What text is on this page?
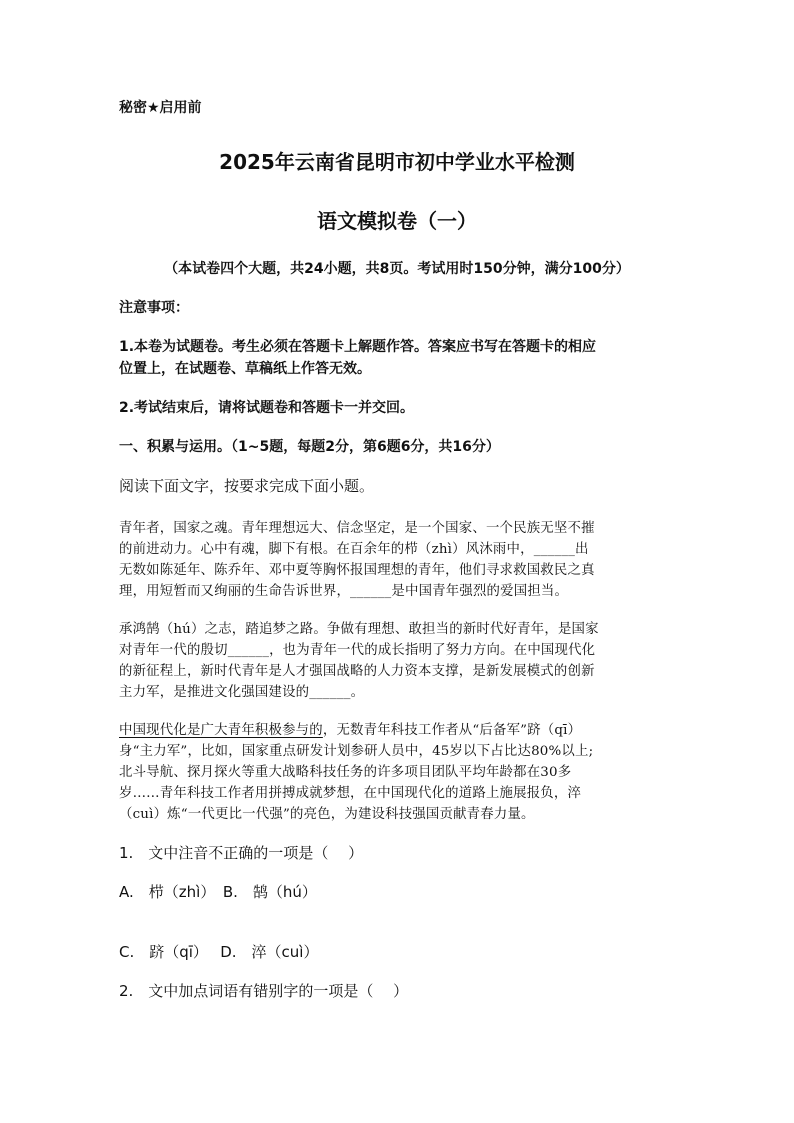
秘密★启用前
2025年云南省昆明市初中学业水平检测
语文模拟卷（一）
（本试卷四个大题，共24小题，共8页。考试用时150分钟，满分100分）
注意事项：
1.本卷为试题卷。考生必须在答题卡上解题作答。答案应书写在答题卡的相应
位置上，在试题卷、草稿纸上作答无效。
2.考试结束后，请将试题卷和答题卡一并交回。
一、积累与运用。（1~5题，每题2分，第6题6分，共16分）
阅读下面文字，按要求完成下面小题。
青年者，国家之魂。青年理想远大、信念坚定，是一个国家、一个民族无坚不摧
的前进动力。心中有魂，脚下有根。在百余年的栉（zhì）风沐雨中，______出
无数如陈延年、陈乔年、邓中夏等胸怀报国理想的青年，他们寻求救国救民之真
理，用短暂而又绚丽的生命告诉世界，______是中国青年强烈的爱国担当。
承鸿鹄（hú）之志，踏追梦之路。争做有理想、敢担当的新时代好青年，是国家
对青年一代的殷切______，也为青年一代的成长指明了努力方向。在中国现代化
的新征程上，新时代青年是人才强国战略的人力资本支撑，是新发展模式的创新
主力军，是推进文化强国建设的______。
中国现代化是广大青年积极参与的，无数青年科技工作者从“后备军”跻（qī）
身“主力军”，比如，国家重点研发计划参研人员中，45岁以下占比达80%以上;
北斗导航、探月探火等重大战略科技任务的许多项目团队平均年龄都在30多
岁……青年科技工作者用拼搏成就梦想，在中国现代化的道路上施展报负，淬
（cuì）炼“一代更比一代强”的亮色，为建设科技强国贡献青春力量。
1.　文中注音不正确的一项是（　 ）
A.　栉（zhì）　B.　鹄（hú）
C.　跻（qī）　 D.　淬（cuì）
2.　文中加点词语有错别字的一项是（　 ）
